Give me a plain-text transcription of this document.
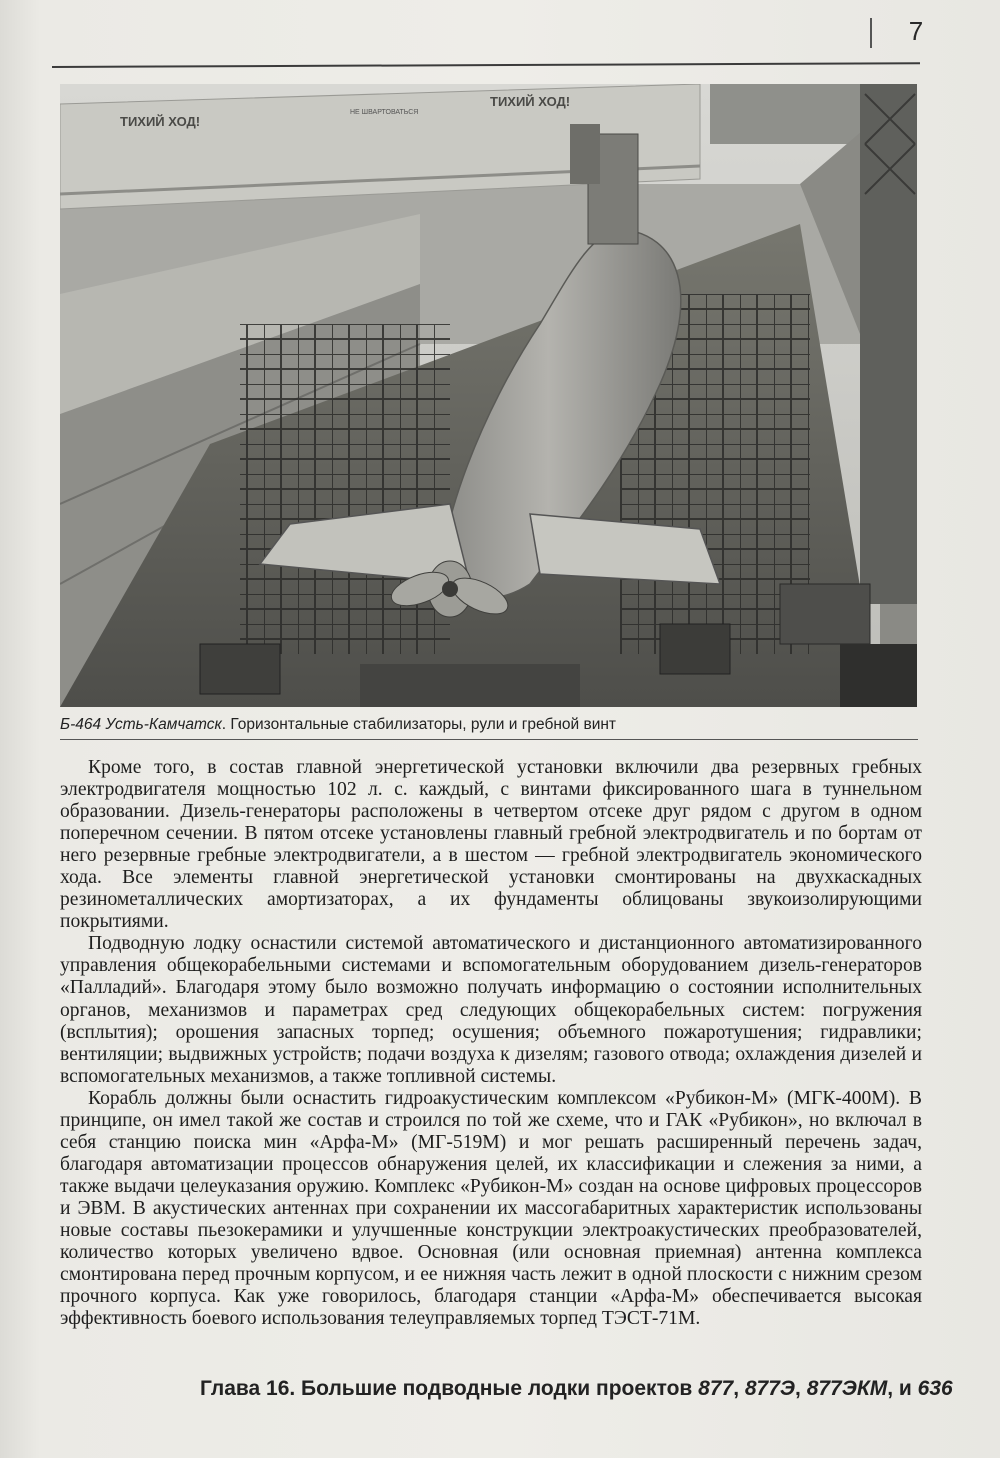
7
ТИХИЙ ХОД!
НЕ ШВАРТОВАТЬСЯ
ТИХИЙ ХОД!
Б-464 Усть-Камчатск. Горизонтальные стабилизаторы, рули и гребной винт

Кроме того, в состав главной энергетической установки включили два резервных гребных электродвигателя мощностью 102 л. с. каждый, с винтами фиксированного шага в туннельном образовании. Дизель-генераторы расположены в четвертом отсеке друг рядом с другом в одном поперечном сечении. В пятом отсеке установлены главный гребной электродвигатель и по бортам от него резервные гребные электродвигатели, а в шестом — гребной электродвигатель экономического хода. Все элементы главной энергетической установки смонтированы на двухкаскадных резинометаллических амортизаторах, а их фундаменты облицованы звукоизолирующими покрытиями.

Подводную лодку оснастили системой автоматического и дистанционного автоматизированного управления общекорабельными системами и вспомогательным оборудованием дизель-генераторов «Палладий». Благодаря этому было возможно получать информацию о состоянии исполнительных органов, механизмов и параметрах сред следующих общекорабельных систем: погружения (всплытия); орошения запасных торпед; осушения; объемного пожаротушения; гидравлики; вентиляции; выдвижных устройств; подачи воздуха к дизелям; газового отвода; охлаждения дизелей и вспомогательных механизмов, а также топливной системы.

Корабль должны были оснастить гидроакустическим комплексом «Рубикон-М» (МГК-400М). В принципе, он имел такой же состав и строился по той же схеме, что и ГАК «Рубикон», но включал в себя станцию поиска мин «Арфа-М» (МГ-519М) и мог решать расширенный перечень задач, благодаря автоматизации процессов обнаружения целей, их классификации и слежения за ними, а также выдачи целеуказания оружию. Комплекс «Рубикон-М» создан на основе цифровых процессоров и ЭВМ. В акустических антеннах при сохранении их массогабаритных характеристик использованы новые составы пьезокерамики и улучшенные конструкции электроакустических преобразователей, количество которых увеличено вдвое. Основная (или основная приемная) антенна комплекса смонтирована перед прочным корпусом, и ее нижняя часть лежит в одной плоскости с нижним срезом прочного корпуса. Как уже говорилось, благодаря станции «Арфа-М» обеспечивается высокая эффективность боевого использования телеуправляемых торпед ТЭСТ-71М.

Глава 16. Большие подводные лодки проектов 877, 877Э, 877ЭКМ, и 636
